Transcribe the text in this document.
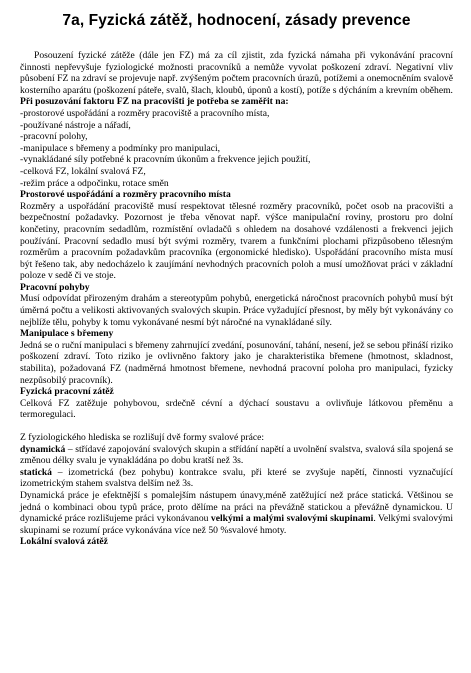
7a, Fyzická zátěž, hodnocení, zásady prevence

Posouzení fyzické zátěže (dále jen FZ) má za cíl zjistit, zda fyzická námaha při vykonávání pracovní činnosti nepřevyšuje fyziologické možnosti pracovníků a nemůže vyvolat poškození zdraví. Negativní vliv působení FZ na zdraví se projevuje např. zvýšeným počtem pracovních úrazů, potížemi a onemocněním svalově kosterního aparátu (poškození páteře, svalů, šlach, kloubů, úponů a kostí), potíže s dýcháním a krevním oběhem.

Při posuzování faktoru FZ na pracovišti je potřeba se zaměřit na:

-prostorové uspořádání a rozměry pracoviště a pracovního místa,
-používané nástroje a nářadí,
-pracovní polohy,
-manipulace s břemeny a podmínky pro manipulaci,
-vynakládané síly potřebné k pracovním úkonům a frekvence jejich použití,
-celková FZ, lokální svalová FZ,
-režim práce a odpočinku, rotace směn

Prostorové uspořádání a rozměry pracovního místa

Rozměry a uspořádání pracoviště musí respektovat tělesné rozměry pracovníků, počet osob na pracovišti a bezpečnostní požadavky. Pozornost je třeba věnovat např. výšce manipulační roviny, prostoru pro dolní končetiny, pracovním sedadlům, rozmístění ovladačů s ohledem na dosahové vzdálenosti a frekvenci jejich používání. Pracovní sedadlo musí být svými rozměry, tvarem a funkčními plochami přizpůsobeno tělesným rozměrům a pracovním požadavkům pracovníka (ergonomické hledisko). Uspořádání pracovního místa musí být řešeno tak, aby nedocházelo k zaujímání nevhodných pracovních poloh a musí umožňovat práci v základní poloze v sedě či ve stoje.

Pracovní pohyby

Musí odpovídat přirozeným drahám a stereotypům pohybů, energetická náročnost pracovních pohybů musí být úměrná počtu a velikosti aktivovaných svalových skupin. Práce vyžadující přesnost, by měly být vykonávány co nejblíže tělu, pohyby k tomu vykonávané nesmí být náročné na vynakládané síly.

Manipulace s břemeny

Jedná se o ruční manipulaci s břemeny zahrnující zvedání, posunování, tahání, nesení, jež se sebou přináší riziko poškození zdraví. Toto riziko je ovlivněno faktory jako je charakteristika břemene (hmotnost, skladnost, stabilita), požadovaná FZ (nadměrná hmotnost břemene, nevhodná pracovní poloha pro manipulaci, fyzicky nezpůsobilý pracovník).

Fyzická pracovní zátěž

Celková FZ zatěžuje pohybovou, srdečně cévní a dýchací soustavu a ovlivňuje látkovou přeměnu a termoregulaci.

Z fyziologického hlediska se rozlišují dvě formy svalové práce:

dynamická – střídavé zapojování svalových skupin a střídání napětí a uvolnění svalstva, svalová síla spojená se změnou délky svalu je vynakládána po dobu kratší než 3s.

statická – izometrická (bez pohybu) kontrakce svalu, při které se zvyšuje napětí, činnosti vyznačující izometrickým stahem svalstva delším než 3s.

Dynamická práce je efektnější s pomalejším nástupem únavy,méně zatěžující než práce statická. Většinou se jedná o kombinaci obou typů práce, proto dělíme na práci na převážně statickou a převážně dynamickou. U dynamické práce rozlišujeme práci vykonávanou velkými a malými svalovými skupinami. Velkými svalovými skupinami se rozumí práce vykonávána více než 50 %svalové hmoty.

Lokální svalová zátěž
